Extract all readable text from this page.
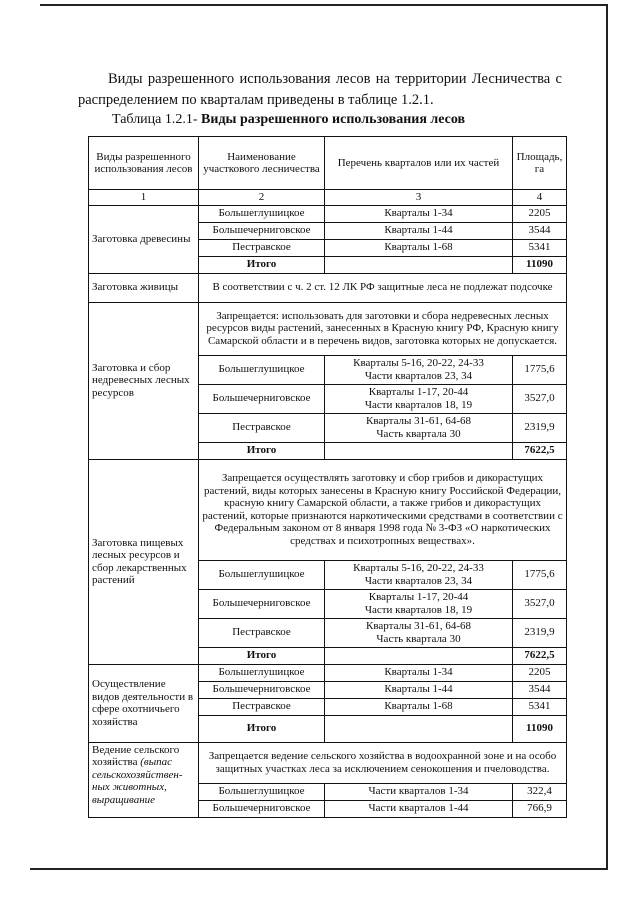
Виды разрешенного использования лесов на территории Лесничества с распределением по кварталам приведены в таблице 1.2.1.

Таблица 1.2.1- Виды разрешенного использования лесов
Виды разрешенного использования лесов	Наименование участкового лесничества	Перечень кварталов или их частей	Площадь, га
1	2	3	4
Заготовка древесины	Большеглушицкое	Кварталы 1-34	2205
	Большечерниговское	Кварталы 1-44	3544
	Пестравское	Кварталы 1-68	5341
	Итого		11090
Заготовка живицы	В соответствии с ч. 2 ст. 12 ЛК РФ защитные леса не подлежат подсочке		
Заготовка и сбор недревесных лесных ресурсов	Запрещается: использовать для заготовки и сбора недревесных лесных ресурсов виды растений, занесенных в Красную книгу РФ, Красную книгу Самарской области и в перечень видов, заготовка которых не допускается.		
	Большеглушицкое	Кварталы 5-16, 20-22, 24-33
Части кварталов 23, 34	1775,6
	Большечерниговское	Кварталы 1-17, 20-44
Части кварталов 18, 19	3527,0
	Пестравское	Кварталы 31-61, 64-68
Часть квартала 30	2319,9
	Итого		7622,5
Заготовка пищевых лесных ресурсов и сбор лекарственных растений	Запрещается осуществлять заготовку и сбор грибов и дикорастущих растений, виды которых занесены в Красную книгу Российской Федерации, красную книгу Самарской области, а также грибов и дикорастущих растений, которые признаются наркотическими средствами в соответствии с Федеральным законом от 8 января 1998 года № 3-ФЗ «О наркотических средствах и психотропных веществах».		
	Большеглушицкое	Кварталы 5-16, 20-22, 24-33
Части кварталов 23, 34	1775,6
	Большечерниговское	Кварталы 1-17, 20-44
Части кварталов 18, 19	3527,0
	Пестравское	Кварталы 31-61, 64-68
Часть квартала 30	2319,9
	Итого		7622,5
Осуществление видов деятельности в сфере охотничьего хозяйства	Большеглушицкое	Кварталы 1-34	2205
	Большечерниговское	Кварталы 1-44	3544
	Пестравское	Кварталы 1-68	5341
	Итого		11090
Ведение сельского хозяйства (выпас сельскохозяйствен-ных животных, выращивание	Запрещается ведение сельского хозяйства в водоохранной зоне и на особо защитных участках леса за исключением сенокошения и пчеловодства.		
	Большеглушицкое	Части кварталов 1-34	322,4
	Большечерниговское	Части кварталов 1-44	766,9
